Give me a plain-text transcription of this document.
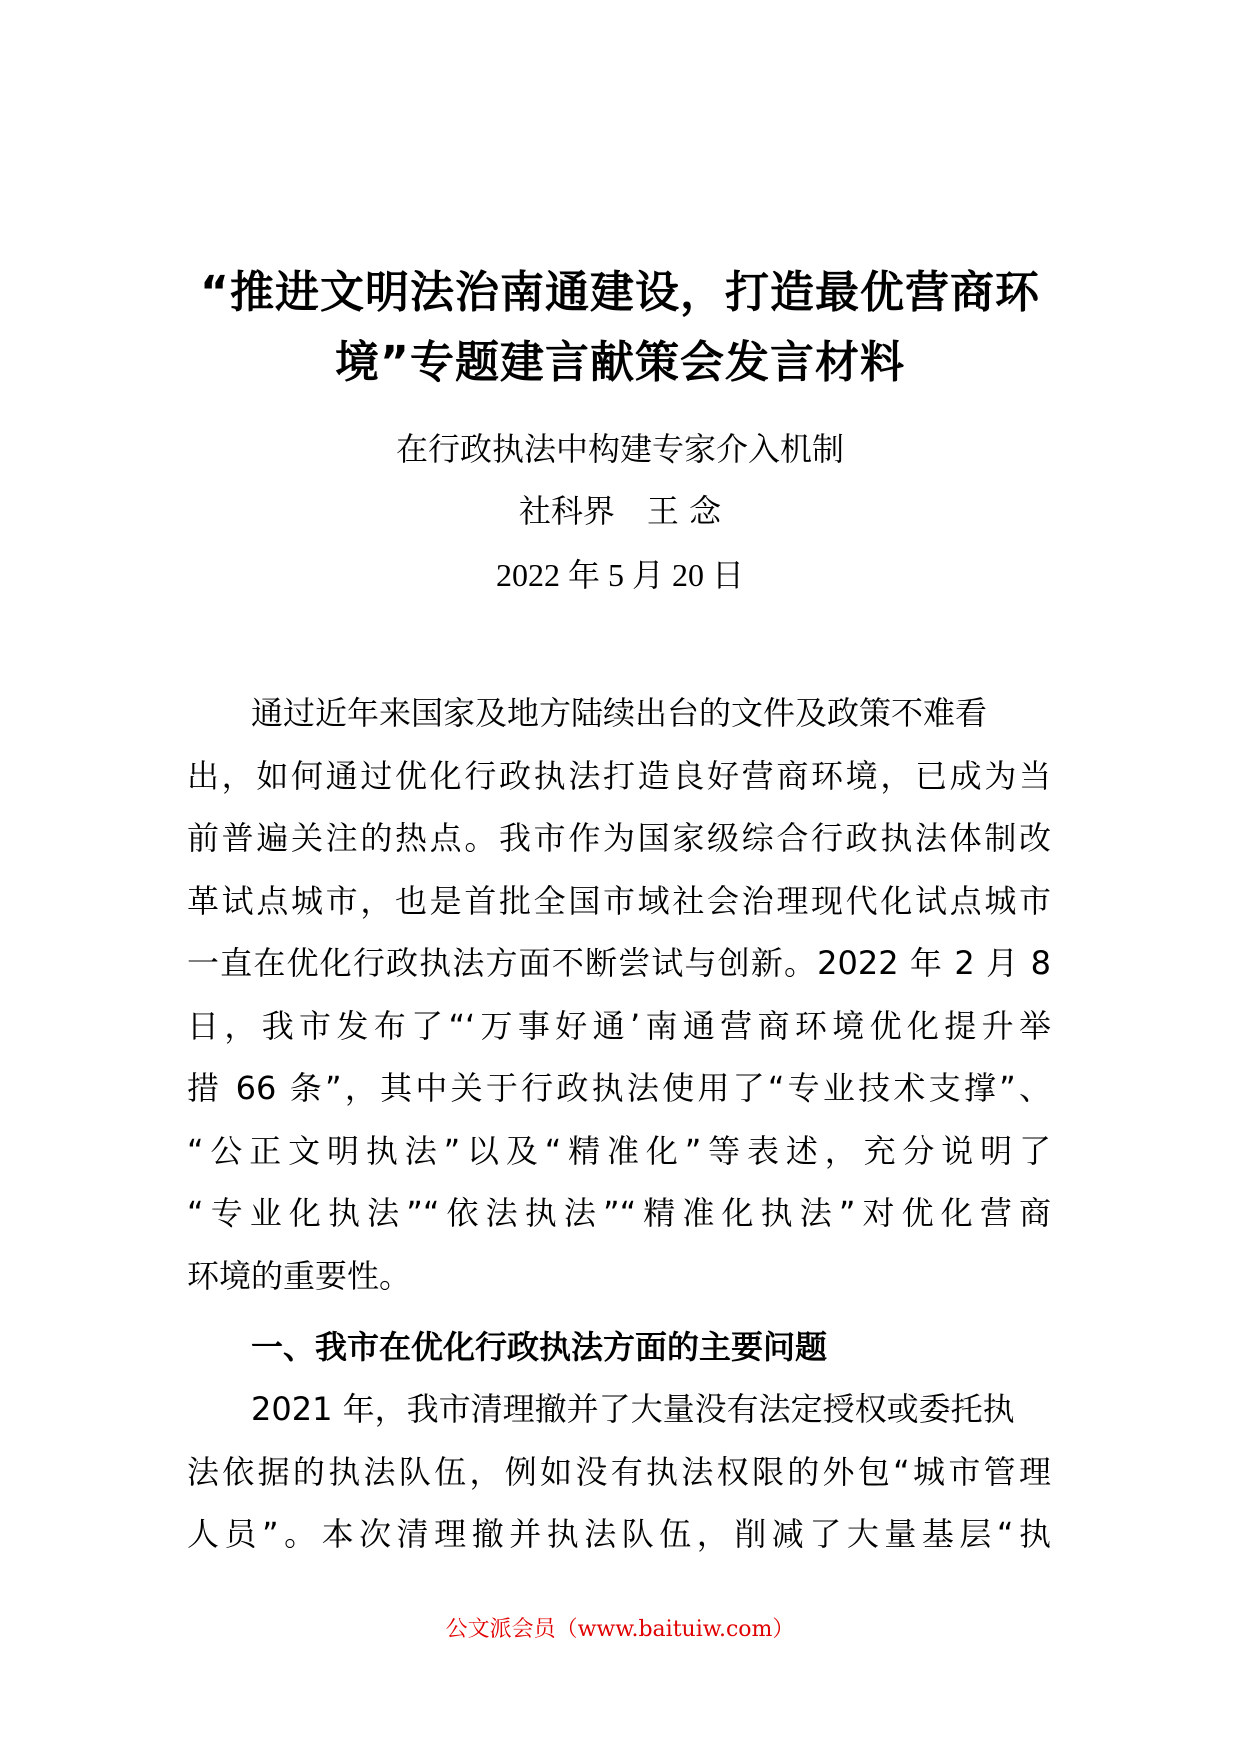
“推进文明法治南通建设，打造最优营商环
境”专题建言献策会发言材料
在行政执法中构建专家介入机制
社科界　王 念
2022 年 5 月 20 日
通过近年来国家及地方陆续出台的文件及政策不难看
出，如何通过优化行政执法打造良好营商环境，已成为当
前普遍关注的热点。我市作为国家级综合行政执法体制改
革试点城市，也是首批全国市域社会治理现代化试点城市
一直在优化行政执法方面不断尝试与创新。2022 年 2 月 8
日，我市发布了“‘万事好通’南通营商环境优化提升举
措 66 条”，其中关于行政执法使用了“专业技术支撑”、
“公正文明执法”以及“精准化”等表述，充分说明了
“专业化执法”“依法执法”“精准化执法”对优化营商
环境的重要性。
一、我市在优化行政执法方面的主要问题
2021 年，我市清理撤并了大量没有法定授权或委托执
法依据的执法队伍，例如没有执法权限的外包“城市管理
人员”。本次清理撤并执法队伍，削减了大量基层“执
公文派会员（www.baituiw.com）
